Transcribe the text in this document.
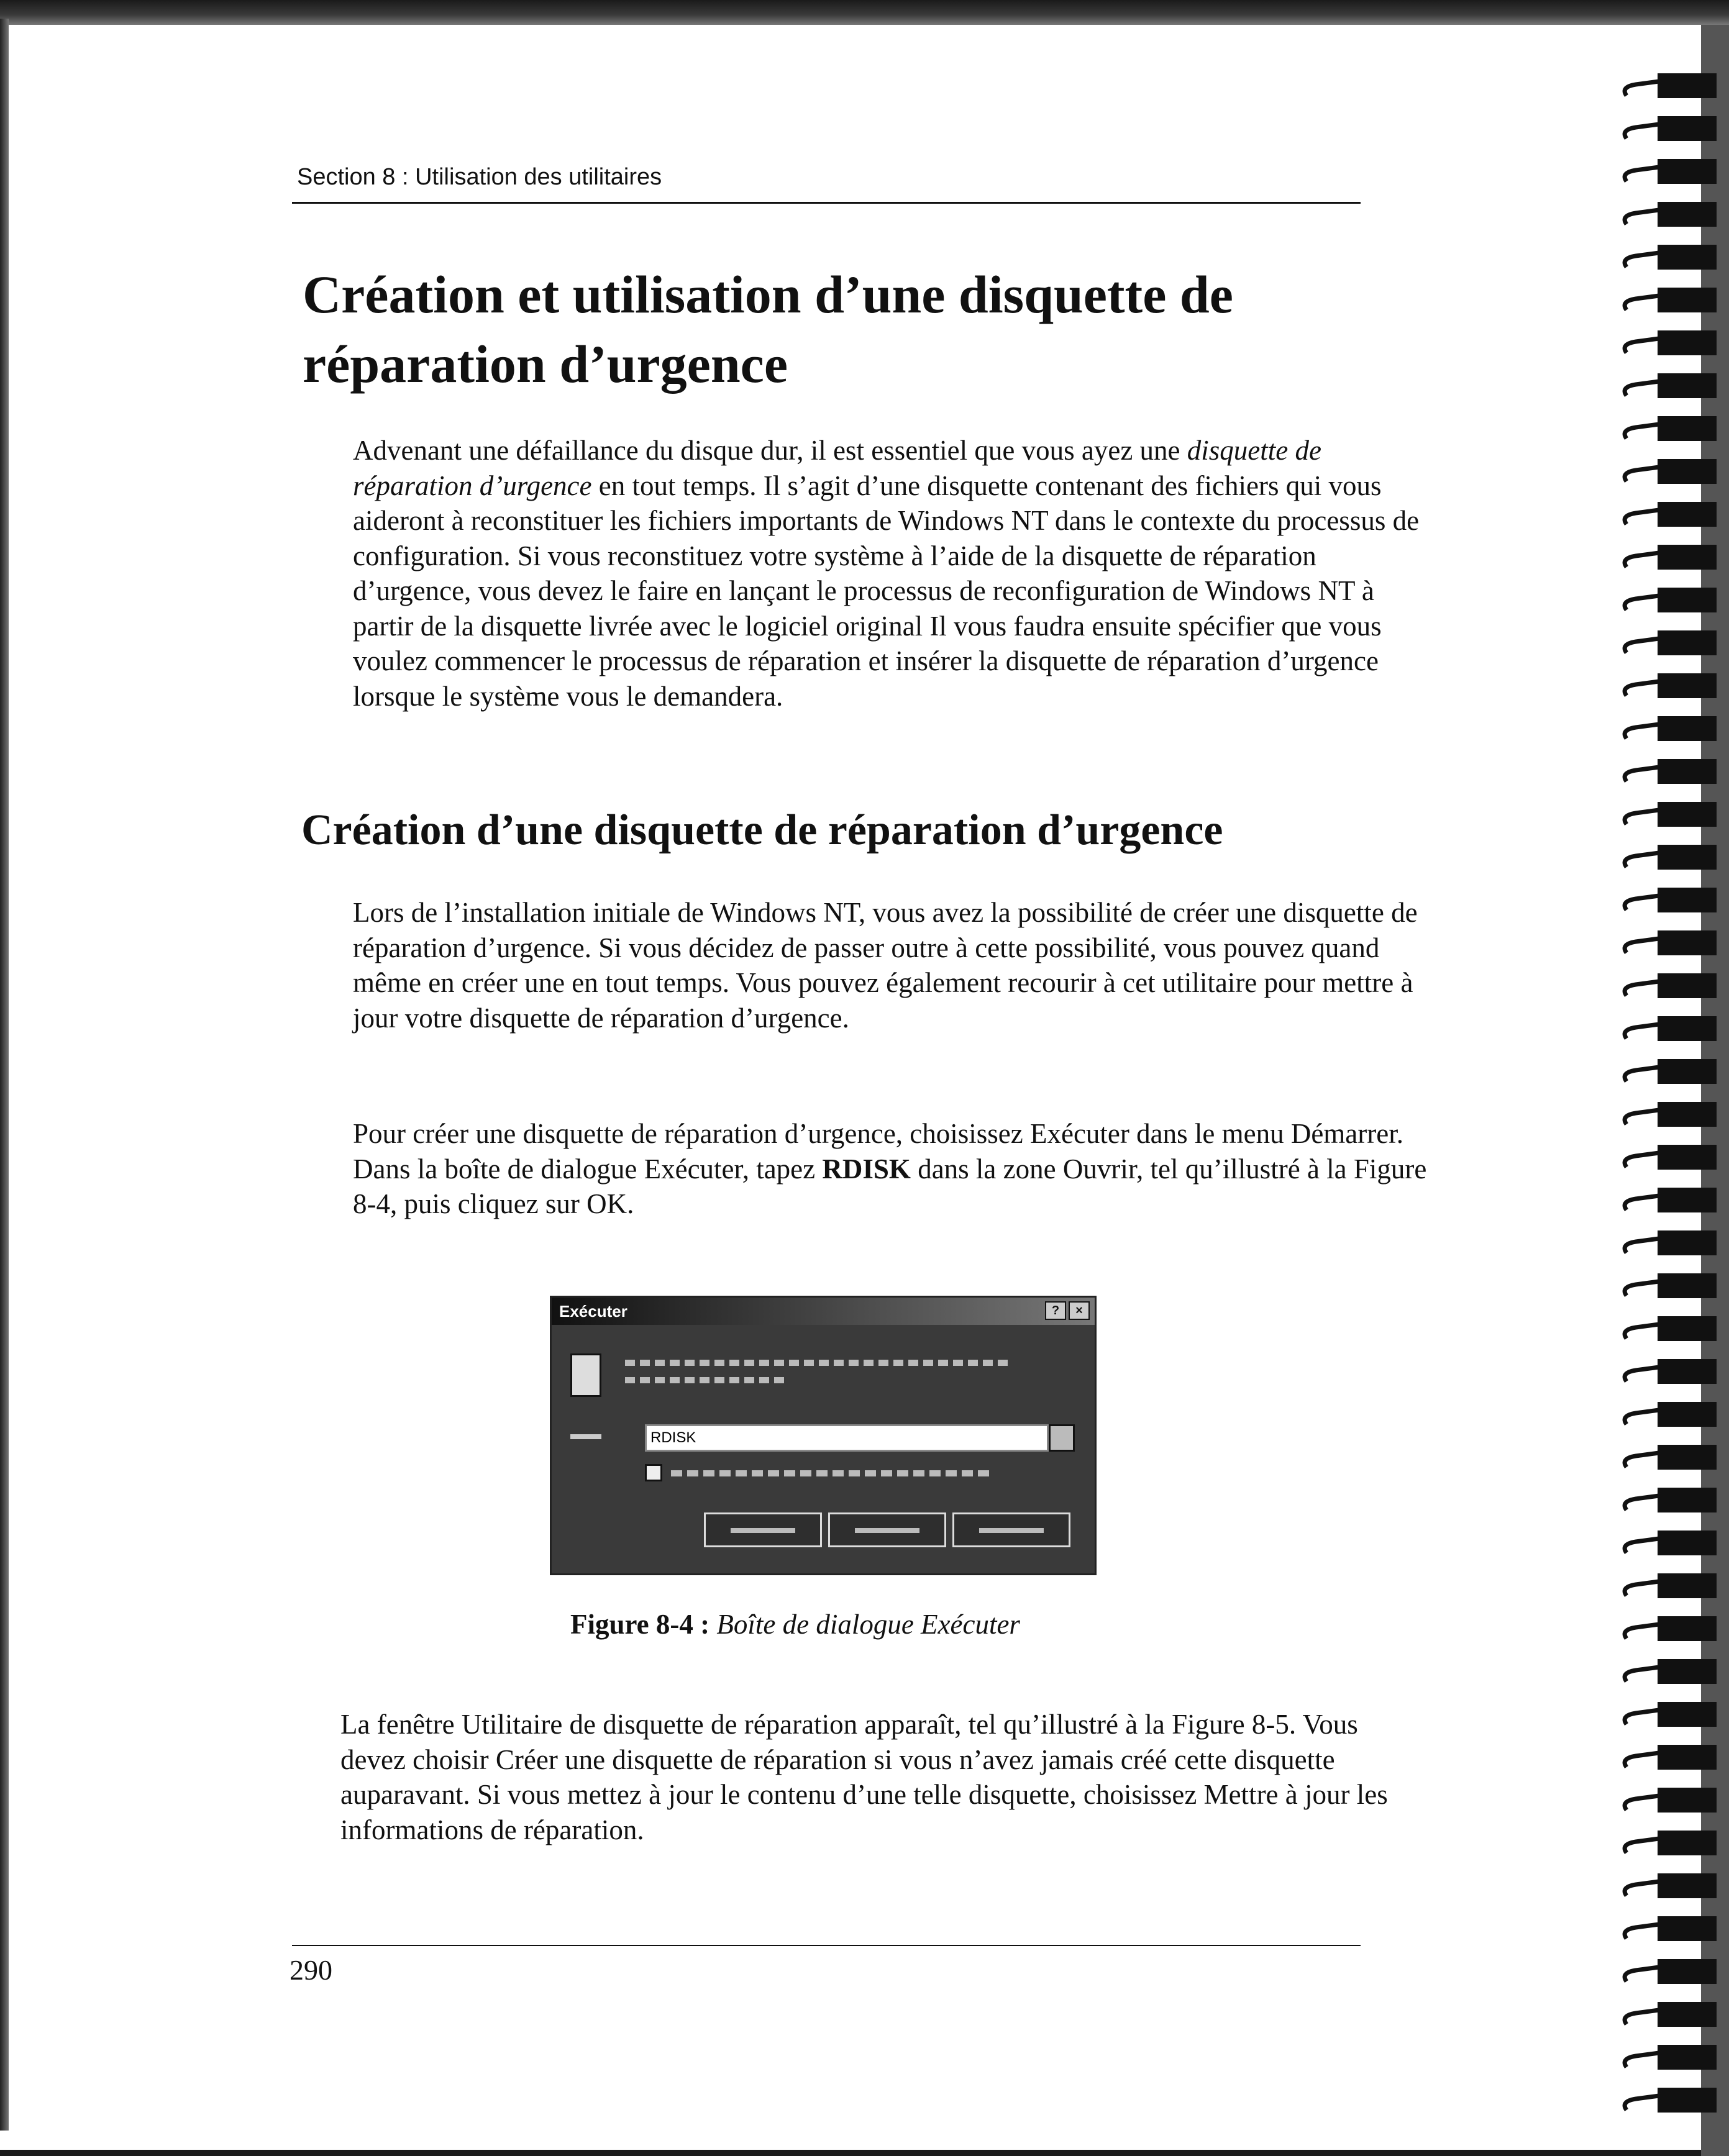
Section 8 : Utilisation des utilitaires
Création et utilisation d’une disquette de
réparation d’urgence

Advenant une défaillance du disque dur, il est essentiel que vous ayez une disquette de réparation d’urgence en tout temps. Il s’agit d’une disquette contenant des fichiers qui vous aideront à reconstituer les fichiers importants de Windows NT dans le contexte du processus de configuration. Si vous reconstituez votre système à l’aide de la disquette de réparation d’urgence, vous devez le faire en lançant le processus de reconfiguration de Windows NT à partir de la disquette livrée avec le logiciel original Il vous faudra ensuite spécifier que vous voulez commencer le processus de réparation et insérer la disquette de réparation d’urgence lorsque le système vous le demandera.

Création d’une disquette de réparation d’urgence

Lors de l’installation initiale de Windows NT, vous avez la possibilité de créer une disquette de réparation d’urgence. Si vous décidez de passer outre à cette possibilité, vous pouvez quand même en créer une en tout temps. Vous pouvez également recourir à cet utilitaire pour mettre à jour votre disquette de réparation d’urgence.

Pour créer une disquette de réparation d’urgence, choisissez Exécuter dans le menu Démarrer. Dans la boîte de dialogue Exécuter, tapez RDISK dans la zone Ouvrir, tel qu’illustré à la Figure 8-4, puis cliquez sur OK.

Exécuter	?	×
RDISK

Figure 8-4 : Boîte de dialogue Exécuter

La fenêtre Utilitaire de disquette de réparation apparaît, tel qu’illustré à la Figure 8-5. Vous devez choisir Créer une disquette de réparation si vous n’avez jamais créé cette disquette auparavant. Si vous mettez à jour le contenu d’une telle disquette, choisissez Mettre à jour les informations de réparation.

290
